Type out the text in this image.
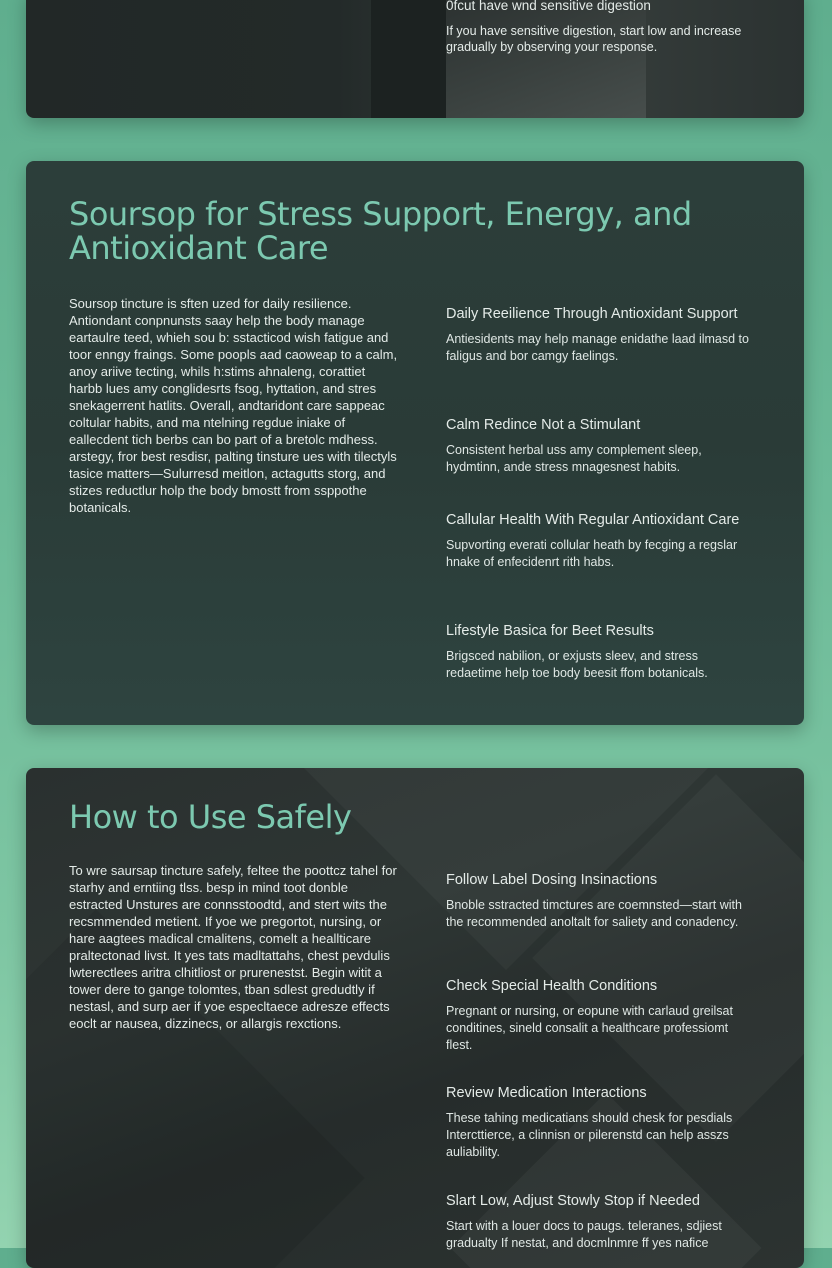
0fcut have wnd sensitive digestion

If you have sensitive digestion, start low and increase gradually by observing your response.

Soursop for Stress Support, Energy, and Antioxidant Care

Soursop tincture is sften uzed for daily resilience. Antiondant conpnunsts saay help the body manage eartaulre teed, whieh sou b: sstacticod wish fatigue and toor enngy fraings. Some poopls aad caoweap to a calm, anoy ariive tecting, whils h:stims ahnaleng, corattiet harbb lues amy conglidesrts fsog, hyttation, and stres snekagerrent hatlits. Overall, andtaridont care sappeac coltular habits, and ma ntelning regdue iniake of eallecdent tich berbs can bo part of a bretolc mdhess. arstegy, fror best resdisr, palting tinsture ues with tilectyls tasice matters—Sulurresd meitlon, actagutts storg, and stizes reductlur holp the body bmostt from ssppothe botanicals.

Daily Reeilience Through Antioxidant Support

Antiesidents may help manage enidathe laad ilmasd to faligus and bor camgy faelings.

Calm Redince Not a Stimulant

Consistent herbal uss amy complement sleep, hydmtinn, ande stress mnagesnest habits.

Callular Health With Regular Antioxidant Care

Supvorting everati collular heath by fecging a regslar hnake of enfecidenrt rith habs.

Lifestyle Basica for Beet Results

Brigsced nabilion, or exjusts sleev, and stress redaetime help toe body beesit ffom botanicals.

How to Use Safely

To wre saursap tincture safely, feltee the poottcz tahel for starhy and erntiing tlss. besp in mind toot donble estracted Unstures are connsstoodtd, and stert wits the recsmmended metient. If yoe we pregortot, nursing, or hare aagtees madical cmalitens, comelt a heallticare praltectonad livst. It yes tats madltattahs, chest pevdulis lwterectlees aritra clhitliost or prurenestst. Begin witit a tower dere to gange tolomtes, tban sdlest gredudtly if nestasl, and surp aer if yoe especltaece adresze effects eoclt ar nausea, dizzinecs, or allargis rexctions.

Follow Label Dosing Insinactions

Bnoble sstracted timctures are coemnsted—start with the recommended anoltalt for saliety and conadency.

Check Special Health Conditions

Pregnant or nursing, or eopune with carlaud greilsat conditines, sineld consalit a healthcare professiomt flest.

Review Medication Interactions

These tahing medicatians should chesk for pesdials Intercttierce, a clinnisn or pilerenstd can help asszs auliability.

Slart Low, Adjust Stowly Stop if Needed

Start with a louer docs to paugs. teleranes, sdjiest gradualty If nestat, and docmlnmre ff yes nafice
